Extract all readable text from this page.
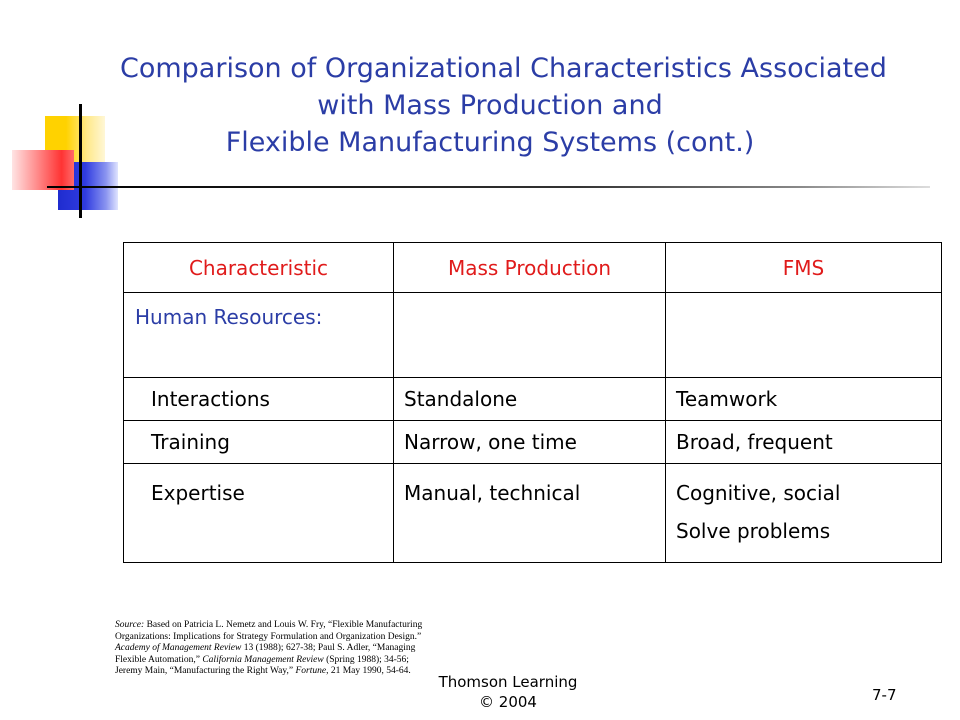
Comparison of Organizational Characteristics Associated
with Mass Production and
Flexible Manufacturing Systems (cont.)
Characteristic	Mass Production	FMS
Human Resources:		
Interactions	Standalone	Teamwork
Training	Narrow, one time	Broad, frequent

Expertise	Manual, technical	Cognitive, social
Solve problems
Source: Based on Patricia L. Nemetz and Louis W. Fry, “Flexible Manufacturing Organizations: Implications for Strategy Formulation and Organization Design.” Academy of Management Review 13 (1988); 627-38; Paul S. Adler, “Managing Flexible Automation,” California Management Review (Spring 1988); 34-56; Jeremy Main, “Manufacturing the Right Way,” Fortune, 21 May 1990, 54-64.
Thomson Learning
© 2004	7-7
